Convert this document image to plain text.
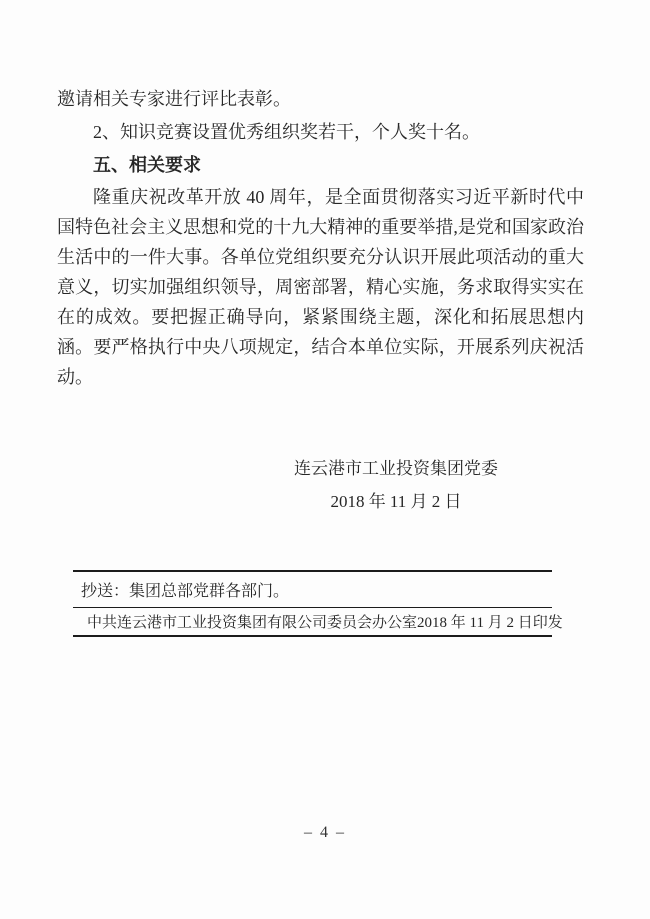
邀请相关专家进行评比表彰。

2、知识竞赛设置优秀组织奖若干，个人奖十名。

五、相关要求

隆重庆祝改革开放 40 周年，是全面贯彻落实习近平新时代中国特色社会主义思想和党的十九大精神的重要举措,是党和国家政治生活中的一件大事。各单位党组织要充分认识开展此项活动的重大意义，切实加强组织领导，周密部署，精心实施，务求取得实实在在的成效。要把握正确导向，紧紧围绕主题，深化和拓展思想内涵。要严格执行中央八项规定，结合本单位实际，开展系列庆祝活动。

连云港市工业投资集团党委
2018 年 11 月 2 日
抄送：集团总部党群各部门。
中共连云港市工业投资集团有限公司委员会办公室 2018 年 11 月 2 日印发
– 4 –
